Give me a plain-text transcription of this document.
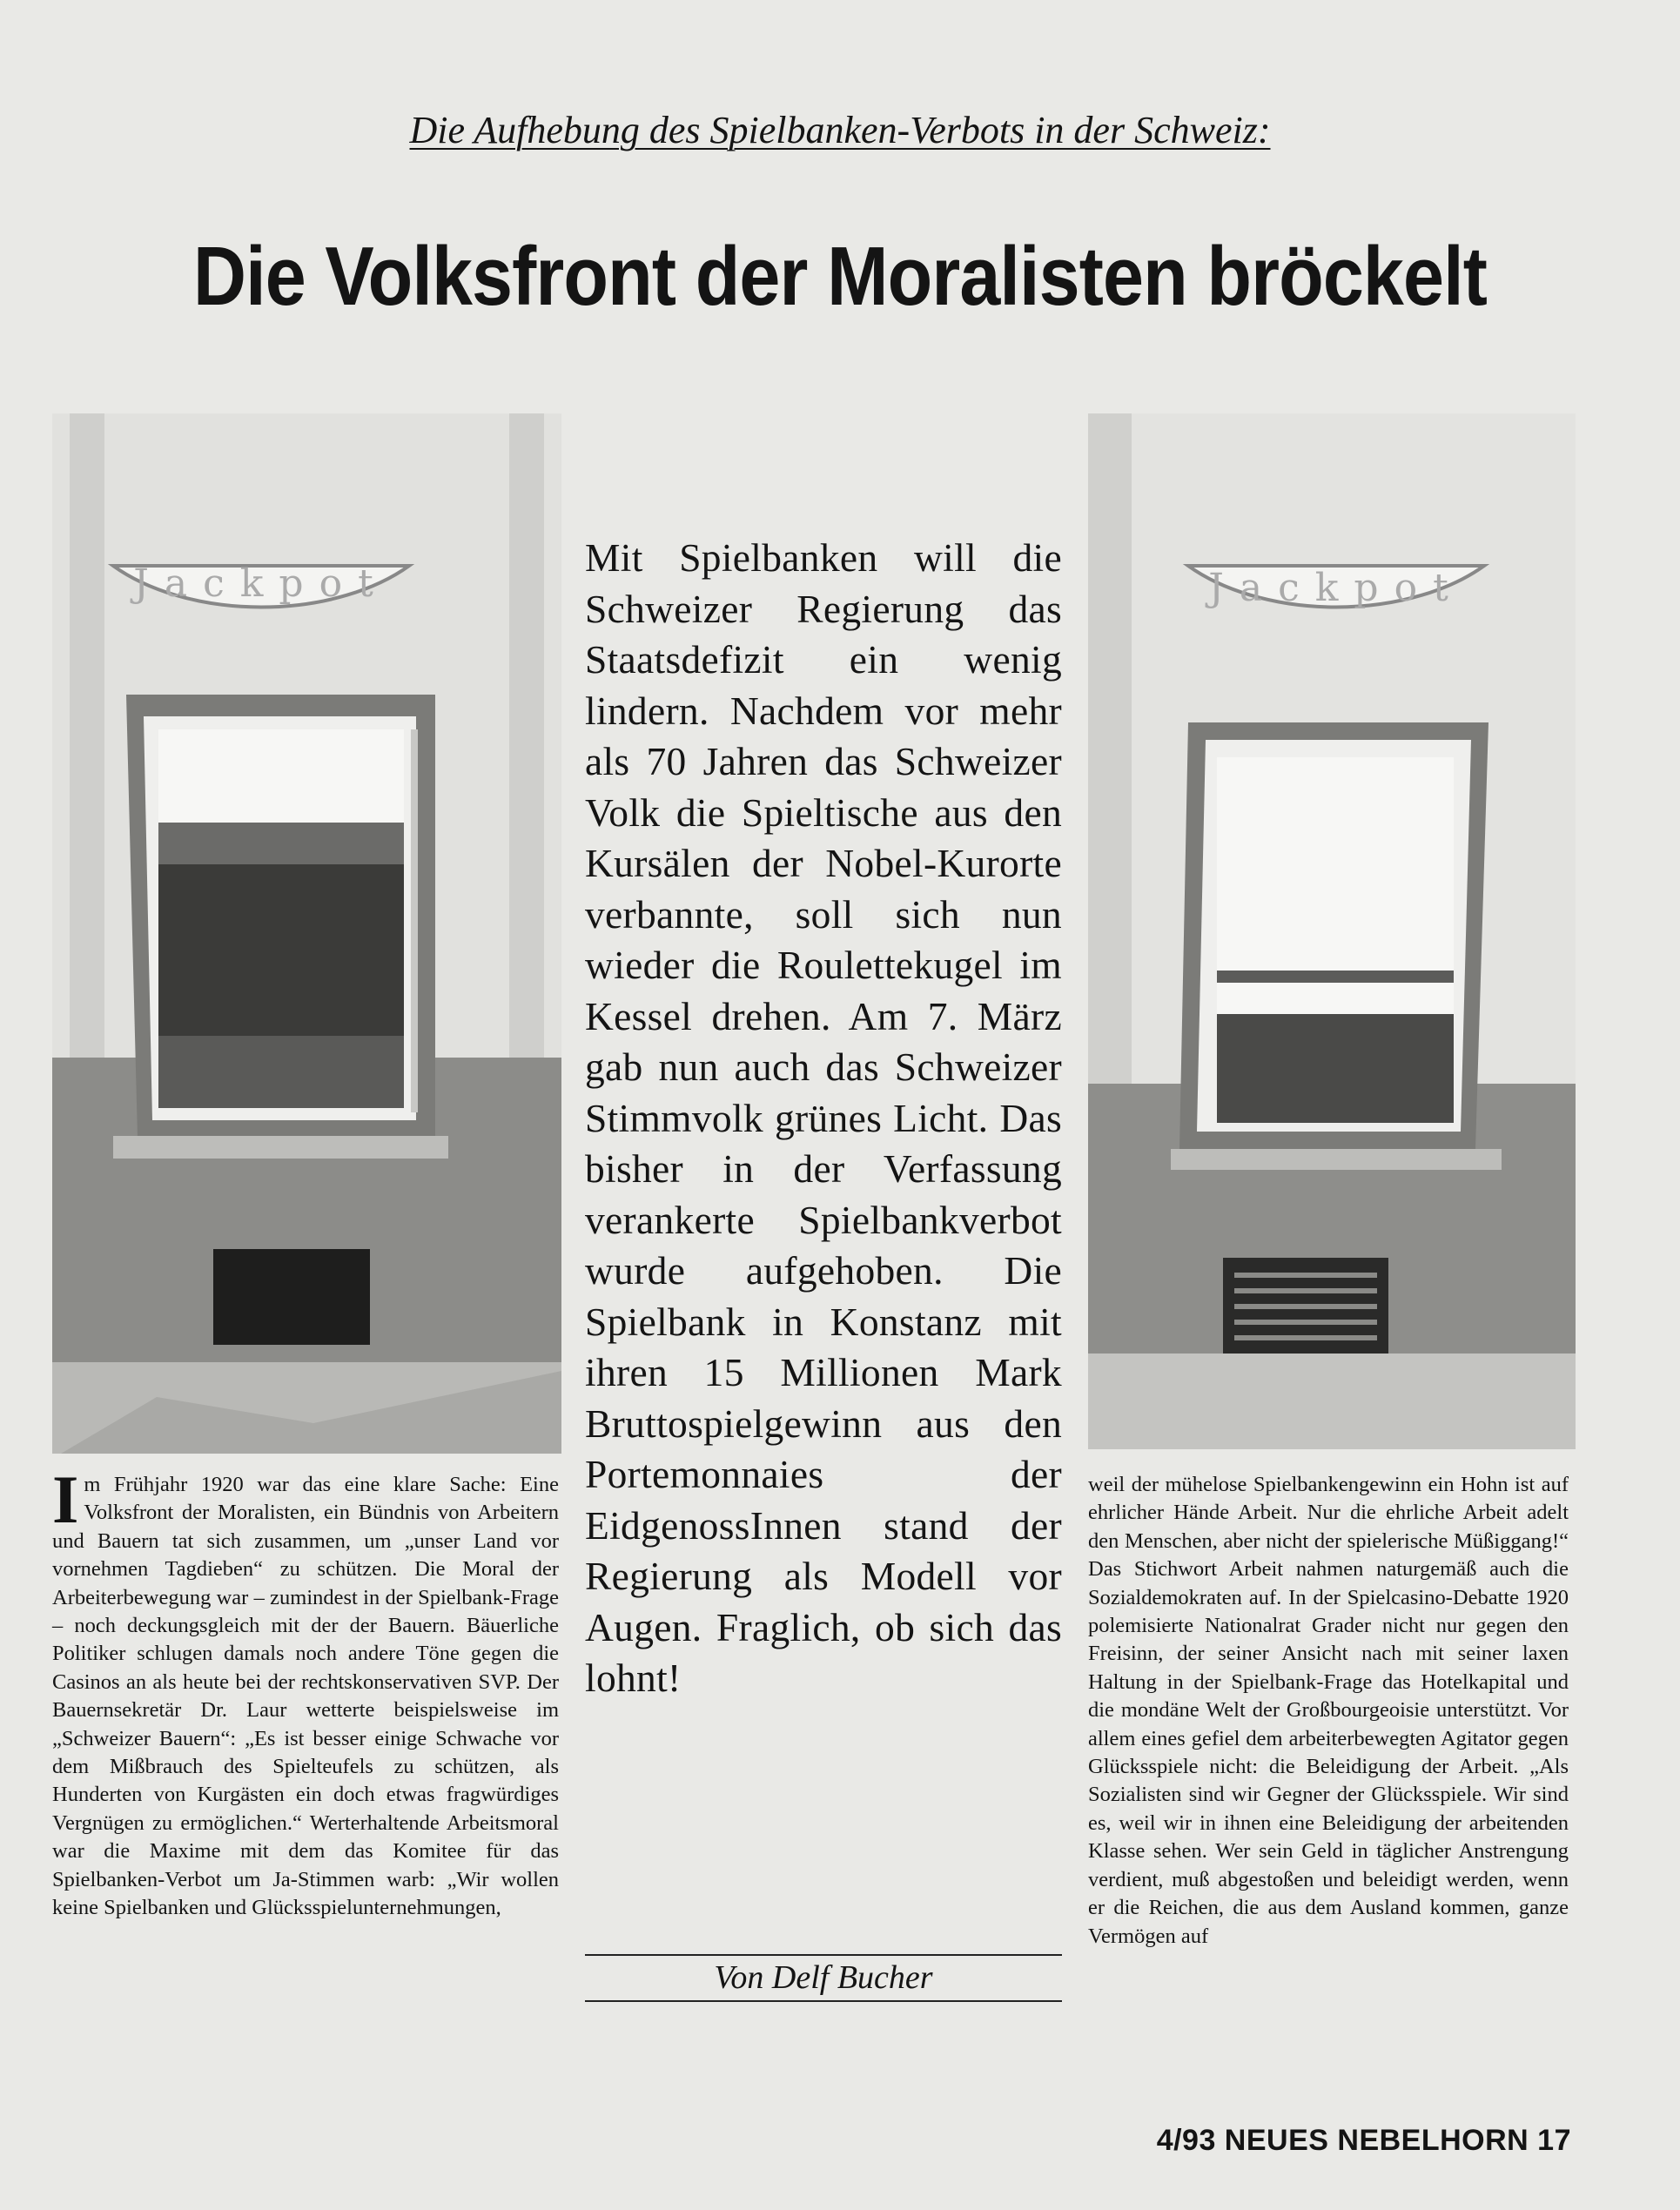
Die Aufhebung des Spielbanken-Verbots in der Schweiz:
Die Volksfront der Moralisten bröckelt
Jackpot	Jackpot
Mit Spielbanken will die Schweizer Regierung das Staatsdefizit ein wenig lindern. Nachdem vor mehr als 70 Jahren das Schweizer Volk die Spieltische aus den Kursälen der Nobel-Kurorte verbannte, soll sich nun wieder die Roulettekugel im Kessel drehen. Am 7. März gab nun auch das Schweizer Stimmvolk grünes Licht. Das bisher in der Verfassung verankerte Spielbankverbot wurde aufgehoben. Die Spielbank in Konstanz mit ihren 15 Millionen Mark Bruttospielgewinn aus den Portemonnaies der EidgenossInnen stand der Regierung als Modell vor Augen. Fraglich, ob sich das lohnt!
Im Frühjahr 1920 war das eine klare Sache: Eine Volksfront der Moralisten, ein Bündnis von Arbeitern und Bauern tat sich zusammen, um „unser Land vor vornehmen Tagdieben“ zu schützen. Die Moral der Arbeiterbewegung war – zumindest in der Spielbank-Frage – noch deckungsgleich mit der der Bauern. Bäuerliche Politiker schlugen damals noch andere Töne gegen die Casinos an als heute bei der rechtskonservativen SVP. Der Bauernsekretär Dr. Laur wetterte beispielsweise im „Schweizer Bauern“: „Es ist besser einige Schwache vor dem Mißbrauch des Spielteufels zu schützen, als Hunderten von Kurgästen ein doch etwas fragwürdiges Vergnügen zu ermöglichen.“ Werterhaltende Arbeitsmoral war die Maxime mit dem das Komitee für das Spielbanken-Verbot um Ja-Stimmen warb: „Wir wollen keine Spielbanken und Glücksspielunternehmungen,
weil der mühelose Spielbankengewinn ein Hohn ist auf ehrlicher Hände Arbeit. Nur die ehrliche Arbeit adelt den Menschen, aber nicht der spielerische Müßiggang!“ Das Stichwort Arbeit nahmen naturgemäß auch die Sozialdemokraten auf. In der Spielcasino-Debatte 1920 polemisierte Nationalrat Grader nicht nur gegen den Freisinn, der seiner Ansicht nach mit seiner laxen Haltung in der Spielbank-Frage das Hotelkapital und die mondäne Welt der Großbourgeoisie unterstützt. Vor allem eines gefiel dem arbeiterbewegten Agitator gegen Glücksspiele nicht: die Beleidigung der Arbeit. „Als Sozialisten sind wir Gegner der Glücksspiele. Wir sind es, weil wir in ihnen eine Beleidigung der arbeitenden Klasse sehen. Wer sein Geld in täglicher Anstrengung verdient, muß abgestoßen und beleidigt werden, wenn er die Reichen, die aus dem Ausland kommen, ganze Vermögen auf
Von Delf Bucher
4/93 NEUES NEBELHORN 17
